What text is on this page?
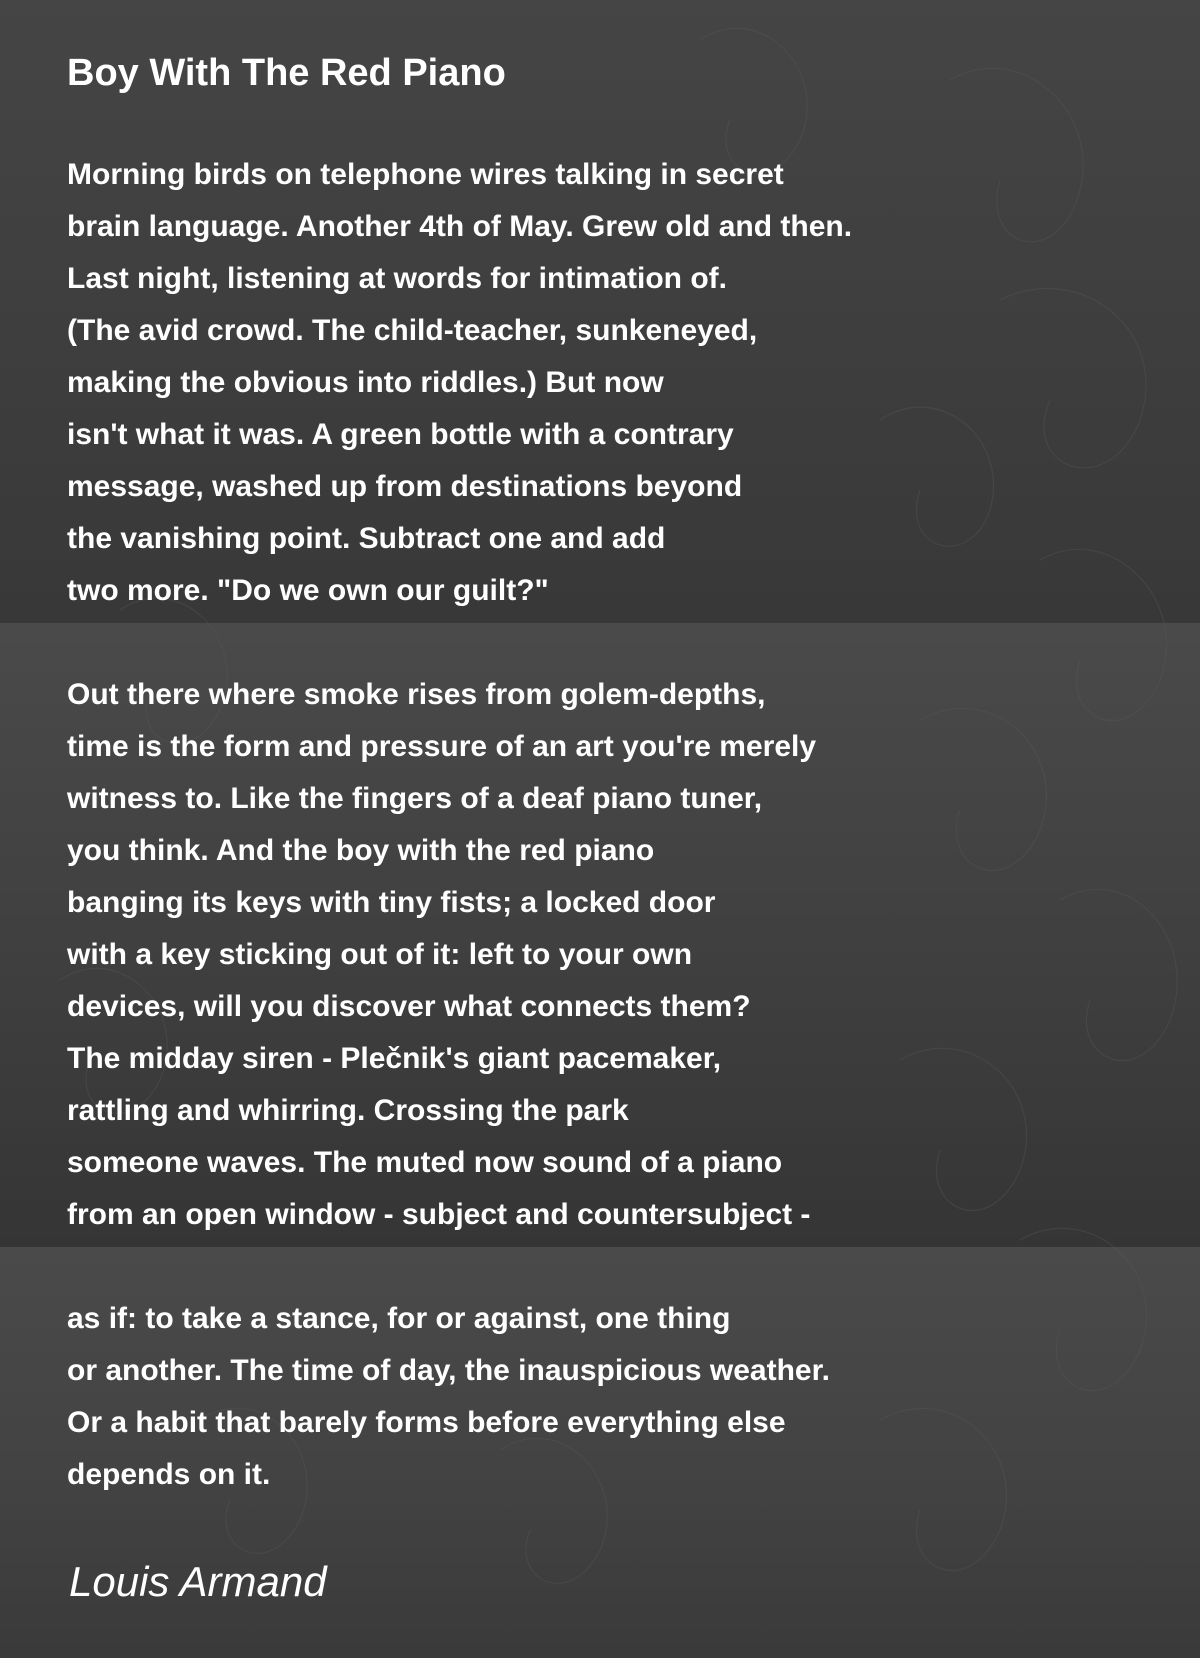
Boy With The Red Piano
Morning birds on telephone wires talking in secret
brain language. Another 4th of May. Grew old and then.
Last night, listening at words for intimation of.
(The avid crowd. The child-teacher, sunkeneyed,
making the obvious into riddles.) But now
isn't what it was. A green bottle with a contrary
message, washed up from destinations beyond
the vanishing point. Subtract one and add
two more. "Do we own our guilt?"
Out there where smoke rises from golem-depths,
time is the form and pressure of an art you're merely
witness to. Like the fingers of a deaf piano tuner,
you think. And the boy with the red piano
banging its keys with tiny fists; a locked door
with a key sticking out of it: left to your own
devices, will you discover what connects them?
The midday siren - Plečnik's giant pacemaker,
rattling and whirring. Crossing the park
someone waves. The muted now sound of a piano
from an open window - subject and countersubject -
as if: to take a stance, for or against, one thing
or another. The time of day, the inauspicious weather.
Or a habit that barely forms before everything else
depends on it.
Louis Armand
